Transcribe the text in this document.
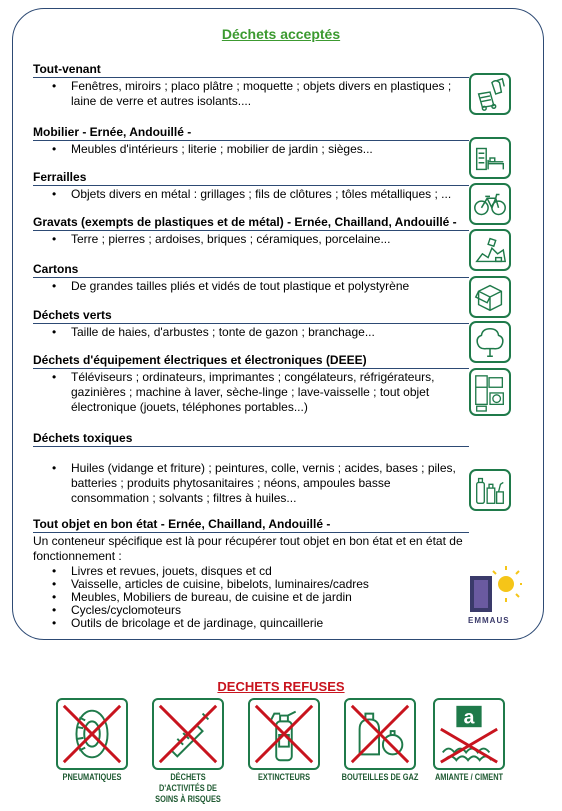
Déchets acceptés
Tout-venant
• Fenêtres, miroirs ; placo plâtre ; moquette ; objets divers en plastiques ; laine de verre et autres isolants....
Mobilier - Ernée, Andouillé -
• Meubles d'intérieurs ; literie ; mobilier de jardin ; sièges...
Ferrailles
• Objets divers en métal : grillages ; fils de clôtures ; tôles métalliques ; ...
Gravats (exempts de plastiques et de métal) - Ernée, Chailland, Andouillé -
• Terre ; pierres ; ardoises, briques ; céramiques, porcelaine...
Cartons
• De grandes tailles pliés et vidés de tout plastique et polystyrène
Déchets verts
• Taille de haies, d'arbustes ; tonte de gazon ; branchage...
Déchets d'équipement électriques et électroniques (DEEE)
• Téléviseurs ; ordinateurs, imprimantes ; congélateurs, réfrigérateurs, gazinières ; machine à laver, sèche-linge ; lave-vaisselle ; tout objet électronique (jouets, téléphones portables...)
Déchets toxiques
• Huiles (vidange et friture) ; peintures, colle, vernis ; acides, bases ; piles, batteries ; produits phytosanitaires ; néons, ampoules basse consommation ; solvants ; filtres à huiles...
Tout objet en bon état - Ernée, Chailland, Andouillé -

Un conteneur spécifique est là pour récupérer tout objet en bon état et en état de fonctionnement :

• Livres et revues, jouets, disques et cd
• Vaisselle, articles de cuisine, bibelots, luminaires/cadres
• Meubles, Mobiliers de bureau, de cuisine et de jardin
• Cycles/cyclomoteurs
• Outils de bricolage et de jardinage, quincaillerie	EMMAUS
DECHETS REFUSES
PNEUMATIQUES	DÉCHETS D'ACTIVITÉS DE SOINS À RISQUES
EXTINCTEURS	BOUTEILLES DE GAZ
a
AMIANTE / CIMENT
